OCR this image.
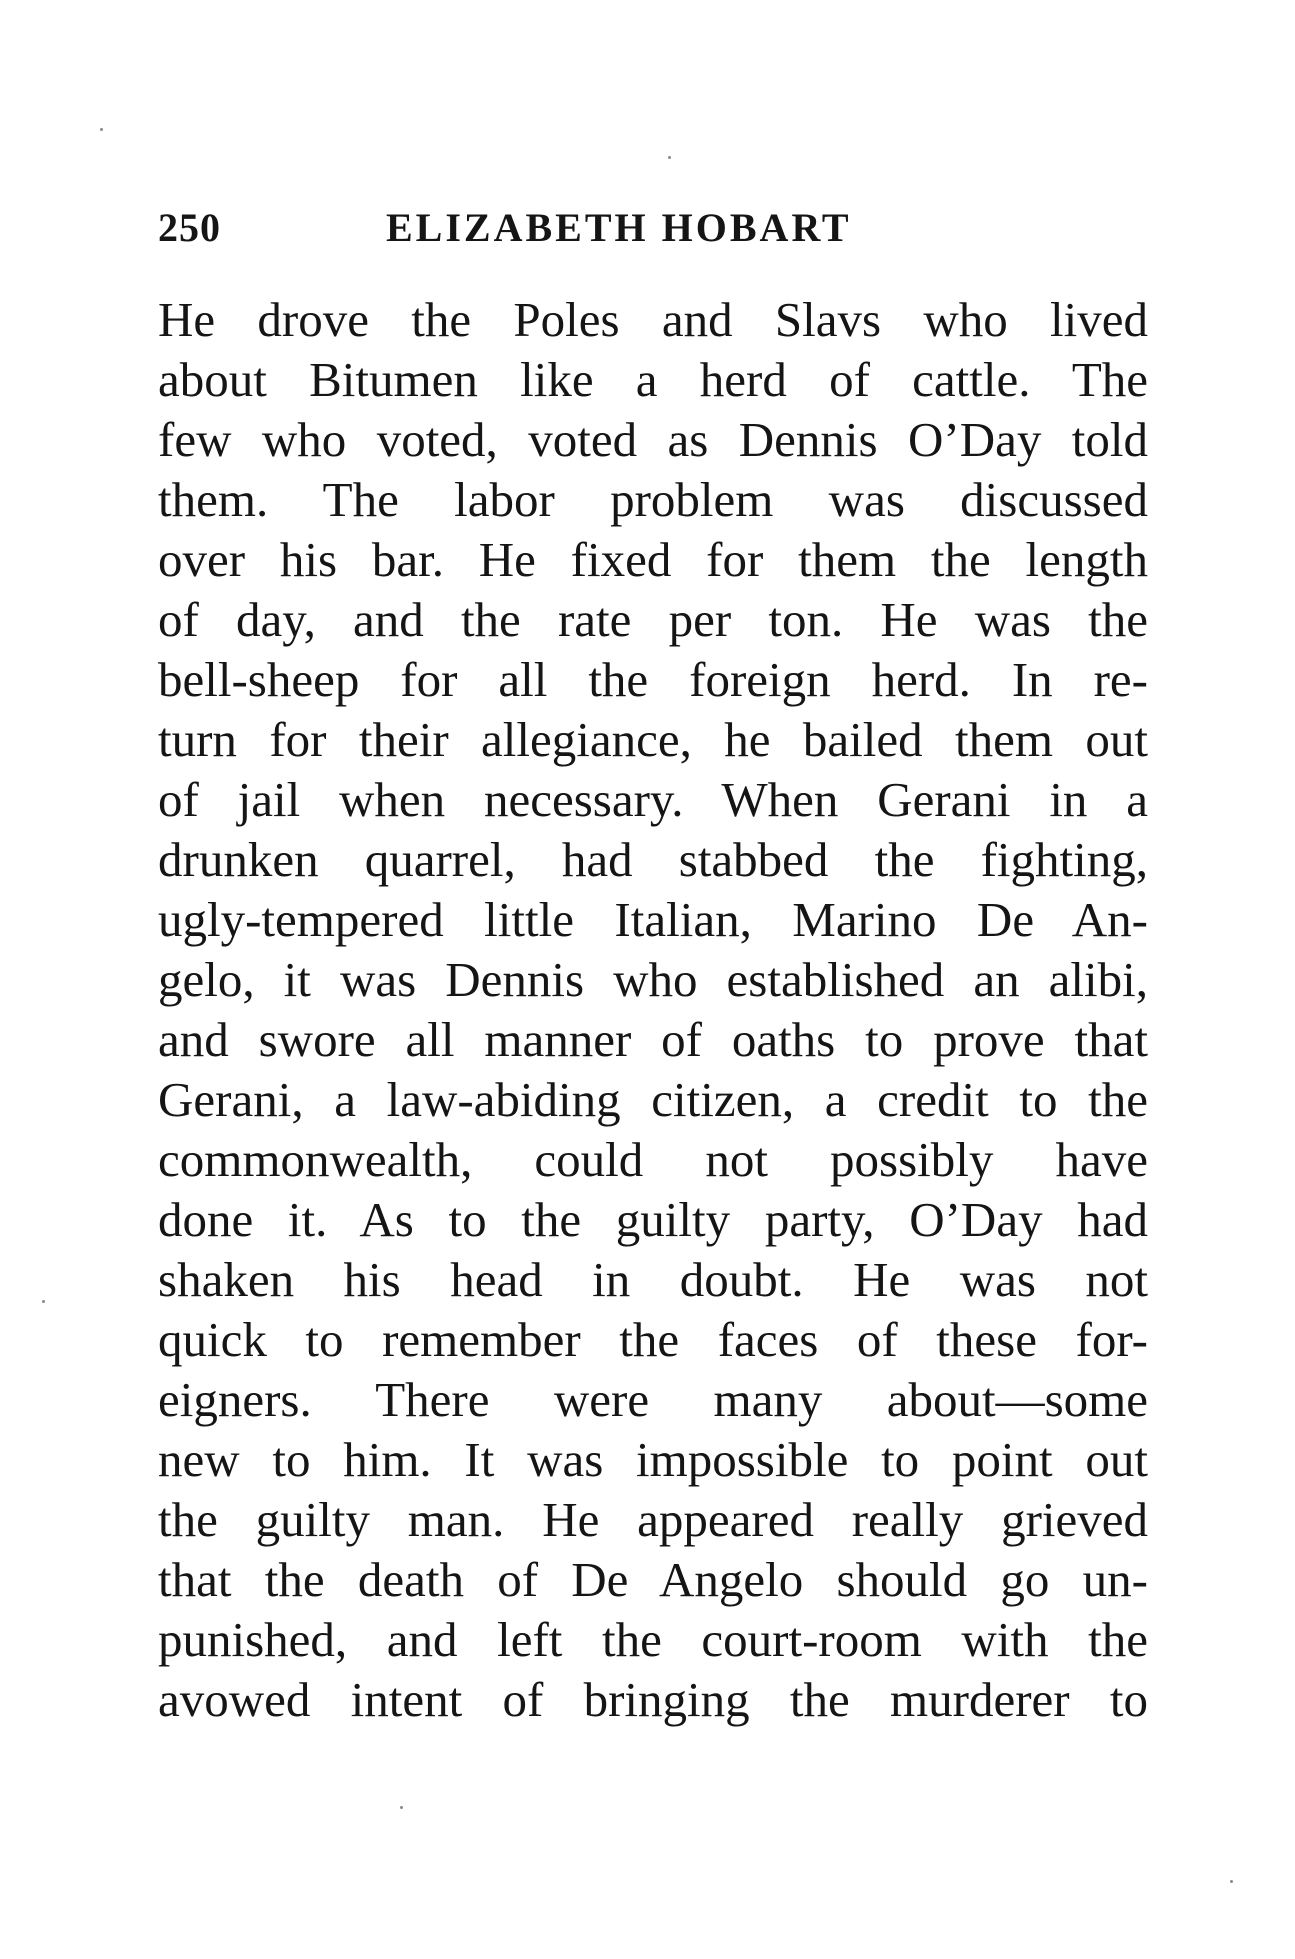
250	ELIZABETH HOBART
He drove the Poles and Slavs who lived
about Bitumen like a herd of cattle. The
few who voted, voted as Dennis O’Day told
them. The labor problem was discussed
over his bar. He fixed for them the length
of day, and the rate per ton. He was the
bell-sheep for all the foreign herd. In re-
turn for their allegiance, he bailed them out
of jail when necessary. When Gerani in a
drunken quarrel, had stabbed the fighting,
ugly-tempered little Italian, Marino De An-
gelo, it was Dennis who established an alibi,
and swore all manner of oaths to prove that
Gerani, a law-abiding citizen, a credit to the
commonwealth, could not possibly have
done it. As to the guilty party, O’Day had
shaken his head in doubt. He was not
quick to remember the faces of these for-
eigners. There were many about—some
new to him. It was impossible to point out
the guilty man. He appeared really grieved
that the death of De Angelo should go un-
punished, and left the court-room with the
avowed intent of bringing the murderer to
